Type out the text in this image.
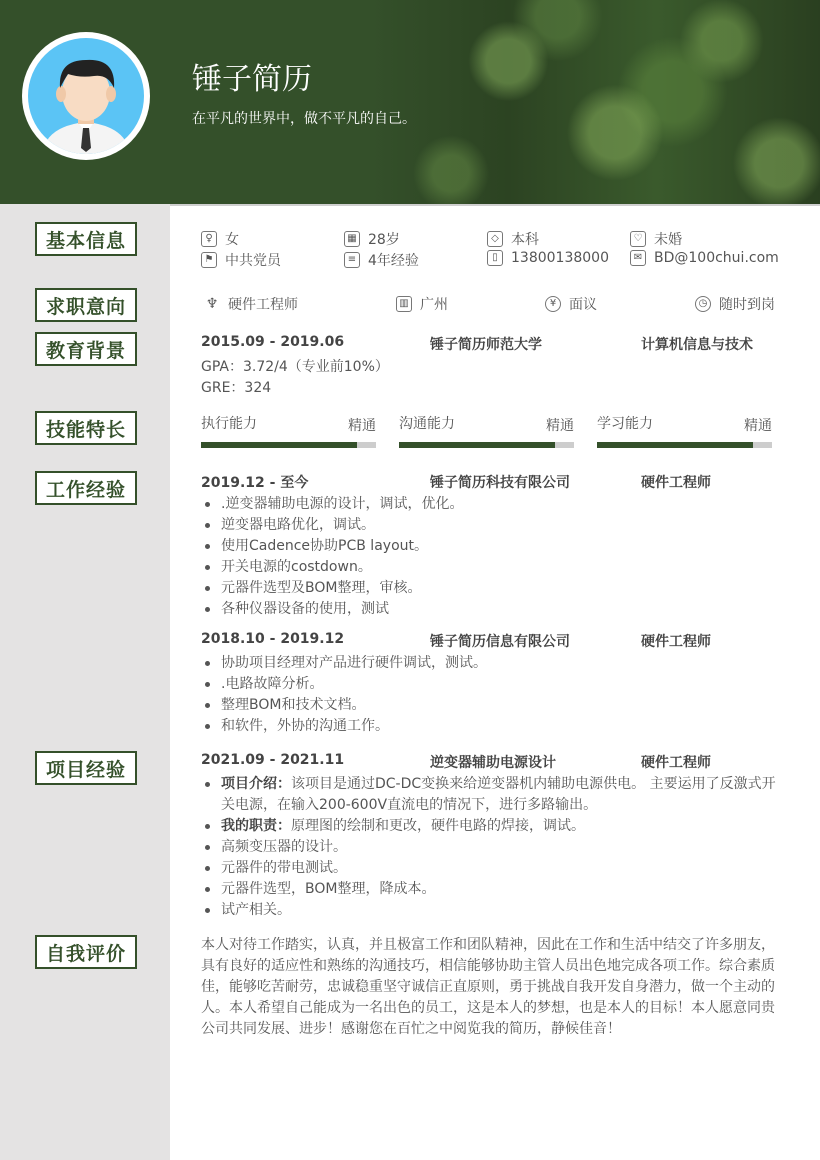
锤子简历
在平凡的世界中，做不平凡的自己。
基本信息
求职意向
教育背景
技能特长
工作经验
项目经验
自我评价
♀ 女	▦ 28岁	◇ 本科	♡ 未婚
⚑ 中共党员	≡ 4年经验	▯ 13800138000	✉ BD@100chui.com
♆ 硬件工程师	▥ 广州	¥ 面议	◷ 随时到岗
2015.09 - 2019.06	锤子简历师范大学	计算机信息与技术
GPA：3.72/4（专业前10%）
GRE：324
执行能力	精通 沟通能力	精通 学习能力	精通
2019.12 - 至今	锤子简历科技有限公司	硬件工程师
.逆变器辅助电源的设计，调试，优化。
逆变器电路优化，调试。
使用Cadence协助PCB layout。
开关电源的costdown。
元器件选型及BOM整理，审核。
各种仪器设备的使用，测试
2018.10 - 2019.12	锤子简历信息有限公司	硬件工程师
协助项目经理对产品进行硬件调试，测试。
.电路故障分析。
整理BOM和技术文档。
和软件，外协的沟通工作。
2021.09 - 2021.11	逆变器辅助电源设计	硬件工程师
项目介绍：该项目是通过DC-DC变换来给逆变器机内辅助电源供电。 主要运用了反激式开关电源，在输入200-600V直流电的情况下，进行多路输出。
我的职责：原理图的绘制和更改，硬件电路的焊接，调试。
高频变压器的设计。
元器件的带电测试。
元器件选型，BOM整理，降成本。
试产相关。
本人对待工作踏实，认真，并且极富工作和团队精神，因此在工作和生活中结交了许多朋友，具有良好的适应性和熟练的沟通技巧，相信能够协助主管人员出色地完成各项工作。综合素质佳，能够吃苦耐劳，忠诚稳重坚守诚信正直原则，勇于挑战自我开发自身潜力，做一个主动的人。本人希望自己能成为一名出色的员工，这是本人的梦想，也是本人的目标！本人愿意同贵公司共同发展、进步！感谢您在百忙之中阅览我的简历，静候佳音！
